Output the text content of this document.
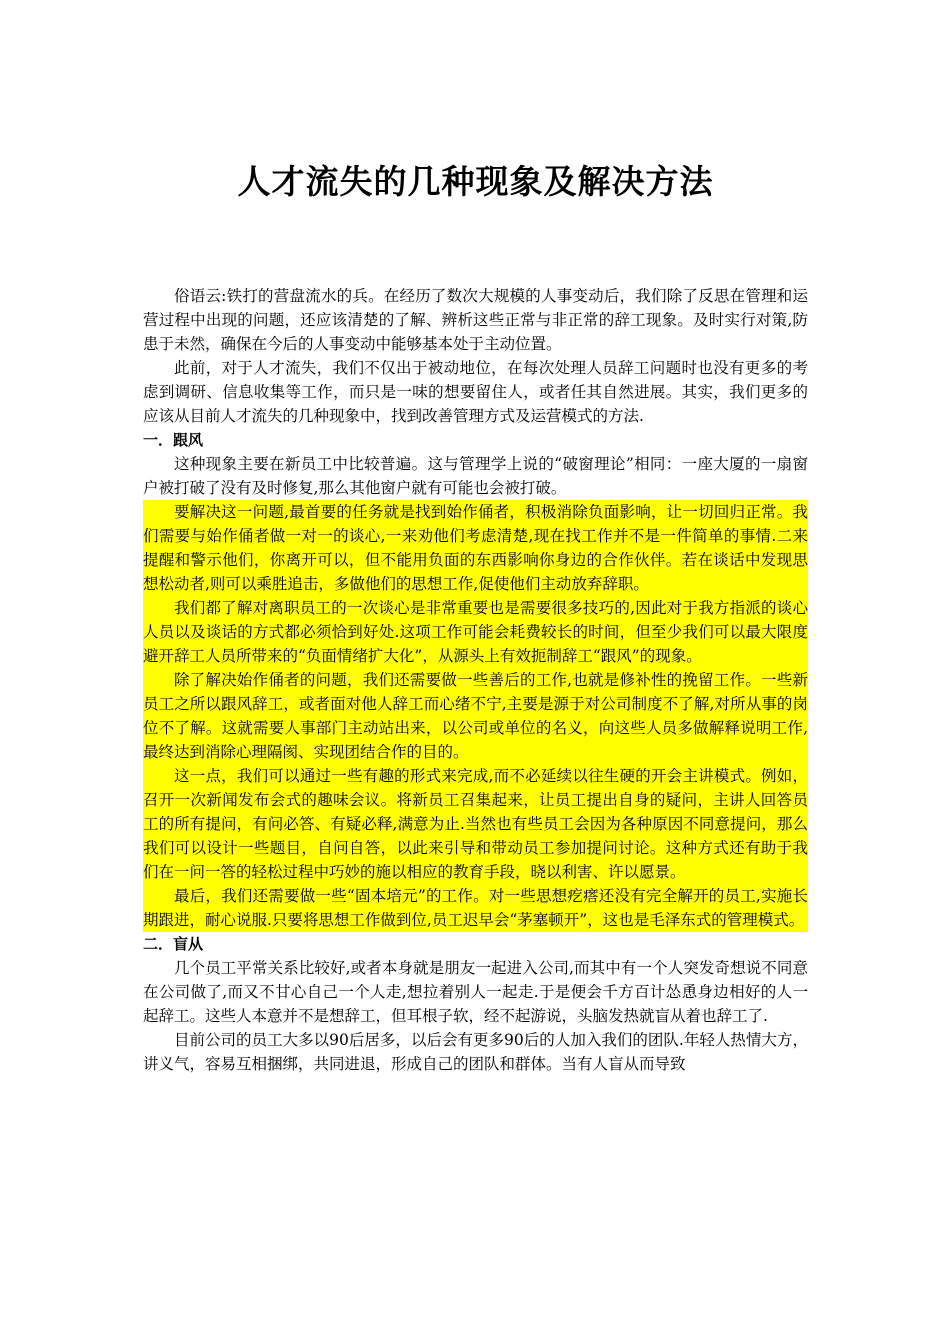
人才流失的几种现象及解决方法

俗语云:铁打的营盘流水的兵。在经历了数次大规模的人事变动后，我们除了反思在管理和运营过程中出现的问题，还应该清楚的了解、辨析这些正常与非正常的辞工现象。及时实行对策,防患于未然，确保在今后的人事变动中能够基本处于主动位置。

此前，对于人才流失，我们不仅出于被动地位，在每次处理人员辞工问题时也没有更多的考虑到调研、信息收集等工作，而只是一味的想要留住人，或者任其自然进展。其实，我们更多的应该从目前人才流失的几种现象中，找到改善管理方式及运营模式的方法.

一．跟风

这种现象主要在新员工中比较普遍。这与管理学上说的“破窗理论”相同：一座大厦的一扇窗户被打破了没有及时修复,那么其他窗户就有可能也会被打破。

要解决这一问题,最首要的任务就是找到始作俑者，积极消除负面影响，让一切回归正常。我们需要与始作俑者做一对一的谈心,一来劝他们考虑清楚,现在找工作并不是一件简单的事情.二来提醒和警示他们，你离开可以，但不能用负面的东西影响你身边的合作伙伴。若在谈话中发现思想松动者,则可以乘胜追击，多做他们的思想工作,促使他们主动放弃辞职。

我们都了解对离职员工的一次谈心是非常重要也是需要很多技巧的,因此对于我方指派的谈心人员以及谈话的方式都必须恰到好处.这项工作可能会耗费较长的时间，但至少我们可以最大限度避开辞工人员所带来的“负面情绪扩大化”，从源头上有效扼制辞工“跟风”的现象。

除了解决始作俑者的问题，我们还需要做一些善后的工作,也就是修补性的挽留工作。一些新员工之所以跟风辞工，或者面对他人辞工而心绪不宁,主要是源于对公司制度不了解,对所从事的岗位不了解。这就需要人事部门主动站出来，以公司或单位的名义，向这些人员多做解释说明工作,最终达到消除心理隔阂、实现团结合作的目的。

这一点，我们可以通过一些有趣的形式来完成,而不必延续以往生硬的开会主讲模式。例如，召开一次新闻发布会式的趣味会议。将新员工召集起来，让员工提出自身的疑问，主讲人回答员工的所有提问，有问必答、有疑必释,满意为止.当然也有些员工会因为各种原因不同意提问，那么我们可以设计一些题目，自问自答，以此来引导和带动员工参加提问讨论。这种方式还有助于我们在一问一答的轻松过程中巧妙的施以相应的教育手段，晓以利害、许以愿景。

最后，我们还需要做一些“固本培元”的工作。对一些思想疙瘩还没有完全解开的员工,实施长期跟进，耐心说服.只要将思想工作做到位,员工迟早会“茅塞顿开”，这也是毛泽东式的管理模式。

二．盲从

几个员工平常关系比较好,或者本身就是朋友一起进入公司,而其中有一个人突发奇想说不同意在公司做了,而又不甘心自己一个人走,想拉着别人一起走.于是便会千方百计怂恿身边相好的人一起辞工。这些人本意并不是想辞工，但耳根子软，经不起游说，头脑发热就盲从着也辞工了.

目前公司的员工大多以90后居多，以后会有更多90后的人加入我们的团队.年轻人热情大方，讲义气，容易互相捆绑，共同进退，形成自己的团队和群体。当有人盲从而导致
